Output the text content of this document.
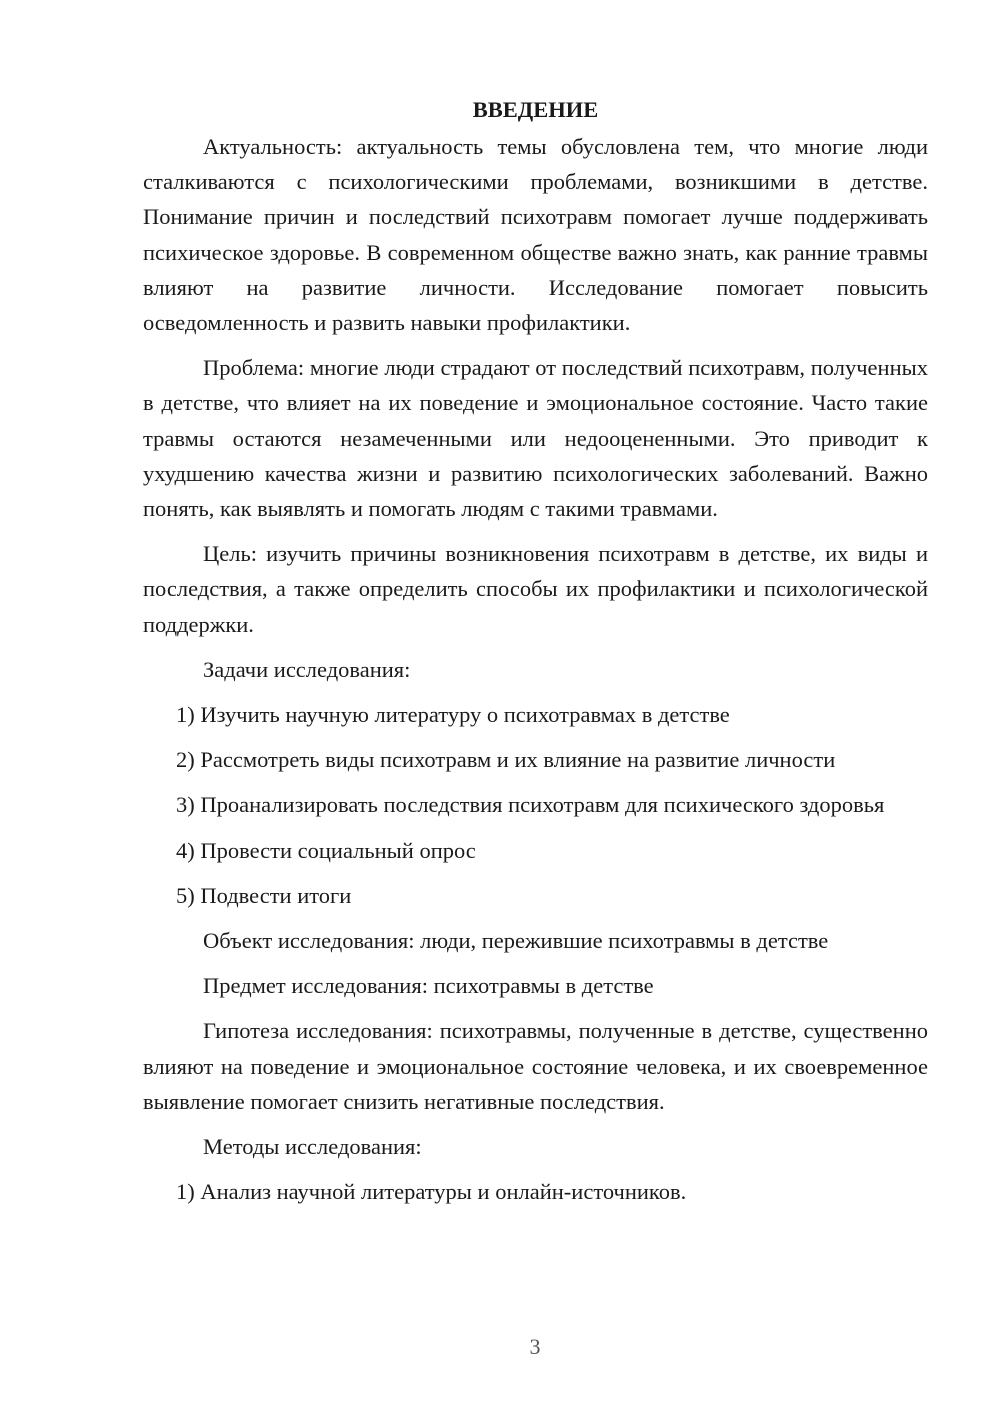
ВВЕДЕНИЕ

Актуальность: актуальность темы обусловлена тем, что многие люди сталкиваются с психологическими проблемами, возникшими в детстве. Понимание причин и последствий психотравм помогает лучше поддерживать психическое здоровье. В современном обществе важно знать, как ранние травмы влияют на развитие личности. Исследование помогает повысить осведомленность и развить навыки профилактики.

Проблема: многие люди страдают от последствий психотравм, полученных в детстве, что влияет на их поведение и эмоциональное состояние. Часто такие травмы остаются незамеченными или недооцененными. Это приводит к ухудшению качества жизни и развитию психологических заболеваний. Важно понять, как выявлять и помогать людям с такими травмами.

Цель: изучить причины возникновения психотравм в детстве, их виды и последствия, а также определить способы их профилактики и психологической поддержки.

Задачи исследования:
1) Изучить научную литературу о психотравмах в детстве
2) Рассмотреть виды психотравм и их влияние на развитие личности

3) Проанализировать последствия психотравм для психического здоровья

4) Провести социальный опрос
5) Подвести итоги
Объект исследования: люди, пережившие психотравмы в детстве
Предмет исследования: психотравмы в детстве

Гипотеза исследования: психотравмы, полученные в детстве, существенно влияют на поведение и эмоциональное состояние человека, и их своевременное выявление помогает снизить негативные последствия.

Методы исследования:
1) Анализ научной литературы и онлайн-источников.
3
